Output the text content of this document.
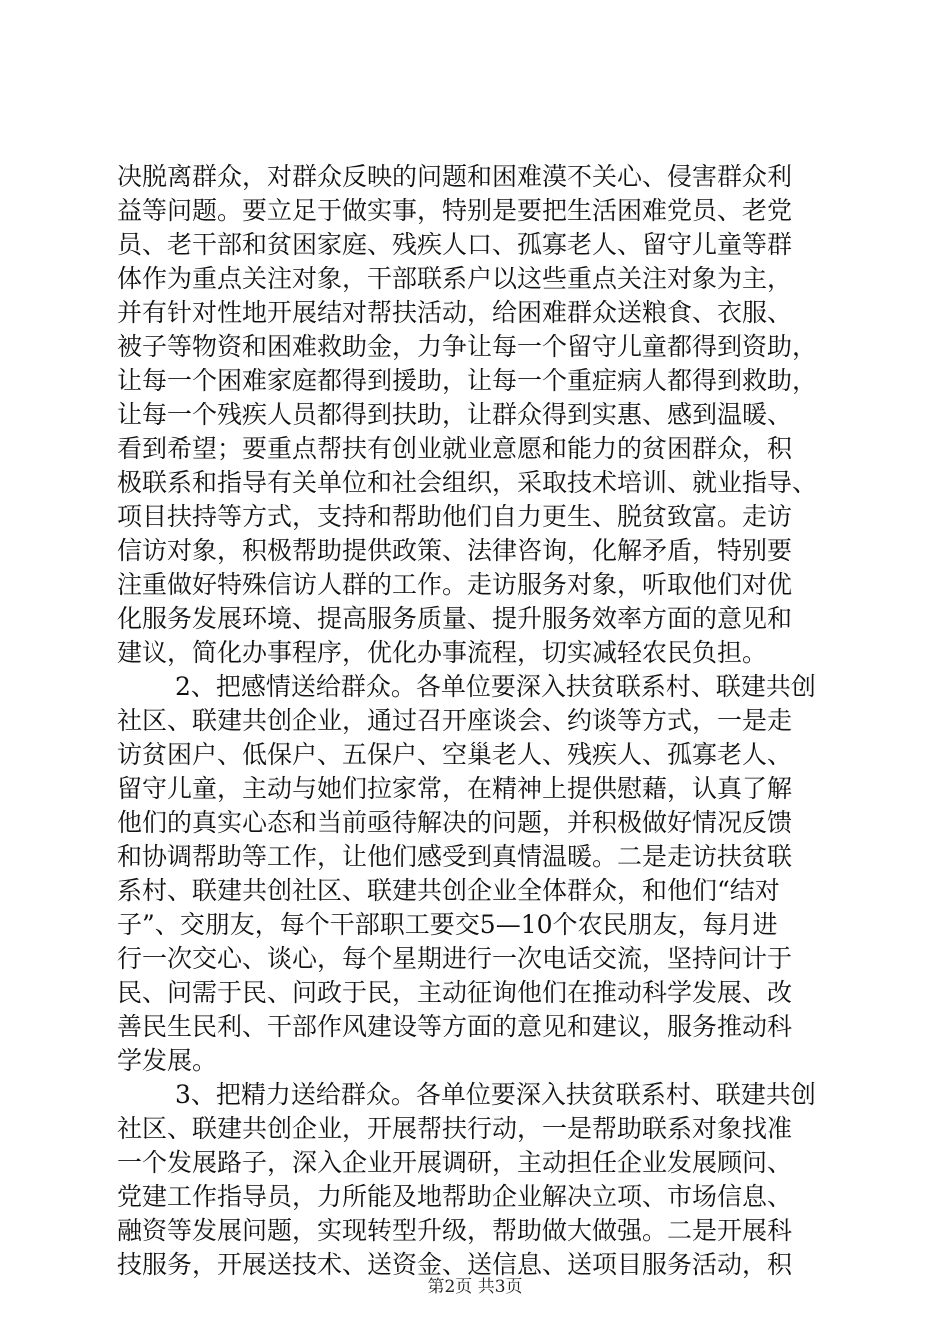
决脱离群众，对群众反映的问题和困难漠不关心、侵害群众利
益等问题。要立足于做实事，特别是要把生活困难党员、老党
员、老干部和贫困家庭、残疾人口、孤寡老人、留守儿童等群
体作为重点关注对象，干部联系户以这些重点关注对象为主，
并有针对性地开展结对帮扶活动，给困难群众送粮食、衣服、
被子等物资和困难救助金，力争让每一个留守儿童都得到资助，
让每一个困难家庭都得到援助，让每一个重症病人都得到救助，
让每一个残疾人员都得到扶助，让群众得到实惠、感到温暖、
看到希望；要重点帮扶有创业就业意愿和能力的贫困群众，积
极联系和指导有关单位和社会组织，采取技术培训、就业指导、
项目扶持等方式，支持和帮助他们自力更生、脱贫致富。走访
信访对象，积极帮助提供政策、法律咨询，化解矛盾，特别要
注重做好特殊信访人群的工作。走访服务对象，听取他们对优
化服务发展环境、提高服务质量、提升服务效率方面的意见和
建议，简化办事程序，优化办事流程，切实减轻农民负担。
2、把感情送给群众。各单位要深入扶贫联系村、联建共创
社区、联建共创企业，通过召开座谈会、约谈等方式，一是走
访贫困户、低保户、五保户、空巢老人、残疾人、孤寡老人、
留守儿童，主动与她们拉家常，在精神上提供慰藉，认真了解
他们的真实心态和当前亟待解决的问题，并积极做好情况反馈
和协调帮助等工作，让他们感受到真情温暖。二是走访扶贫联
系村、联建共创社区、联建共创企业全体群众，和他们“结对
子”、交朋友，每个干部职工要交5—10个农民朋友，每月进
行一次交心、谈心，每个星期进行一次电话交流，坚持问计于
民、问需于民、问政于民，主动征询他们在推动科学发展、改
善民生民利、干部作风建设等方面的意见和建议，服务推动科
学发展。
3、把精力送给群众。各单位要深入扶贫联系村、联建共创
社区、联建共创企业，开展帮扶行动，一是帮助联系对象找准
一个发展路子，深入企业开展调研，主动担任企业发展顾问、
党建工作指导员，力所能及地帮助企业解决立项、市场信息、
融资等发展问题，实现转型升级，帮助做大做强。二是开展科
技服务，开展送技术、送资金、送信息、送项目服务活动，积
第2页 共3页
